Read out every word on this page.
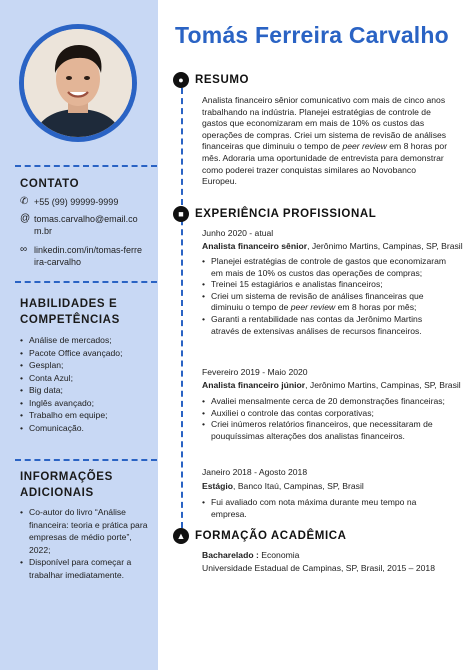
CONTATO
✆ +55 (99) 99999-9999
@ tomas.carvalho@email.com.br
∞ linkedin.com/in/tomas-ferreira-carvalho
HABILIDADES E COMPETÊNCIAS
• Análise de mercados;
• Pacote Office avançado;
• Gesplan;
• Conta Azul;
• Big data;
• Inglês avançado;
• Trabalho em equipe;
• Comunicação.
INFORMAÇÕES ADICIONAIS
• Co-autor do livro “Análise financeira: teoria e prática para empresas de médio porte”, 2022;
• Disponível para começar a trabalhar imediatamente.
Tomás Ferreira Carvalho
● RESUMO

Analista financeiro sênior comunicativo com mais de cinco anos trabalhando na indústria. Planejei estratégias de controle de gastos que economizaram em mais de 10% os custos das operações de compras. Criei um sistema de revisão de análises financeiras que diminuiu o tempo de peer review em 8 horas por mês. Adoraria uma oportunidade de entrevista para demonstrar como poderei trazer conquistas similares ao Novobanco Europeu.

■ EXPERIÊNCIA PROFISSIONAL
Junho 2020 - atual
Analista financeiro sênior, Jerônimo Martins, Campinas, SP, Brasil
• Planejei estratégias de controle de gastos que economizaram em mais de 10% os custos das operações de compras;
• Treinei 15 estagiários e analistas financeiros;
• Criei um sistema de revisão de análises financeiras que diminuiu o tempo de peer review em 8 horas por mês;
• Garanti a rentabilidade nas contas da Jerônimo Martins através de extensivas análises de recursos financeiros.
Fevereiro 2019 - Maio 2020
Analista financeiro júnior, Jerônimo Martins, Campinas, SP, Brasil
• Avaliei mensalmente cerca de 20 demonstrações financeiras;
• Auxiliei o controle das contas corporativas;
• Criei inúmeros relatórios financeiros, que necessitaram de pouquíssimas alterações dos analistas financeiros.
Janeiro 2018 - Agosto 2018
Estágio, Banco Itaú, Campinas, SP, Brasil
• Fui avaliado com nota máxima durante meu tempo na empresa.
▲ FORMAÇÃO ACADÊMICA
Bacharelado : Economia
Universidade Estadual de Campinas, SP, Brasil, 2015 – 2018
